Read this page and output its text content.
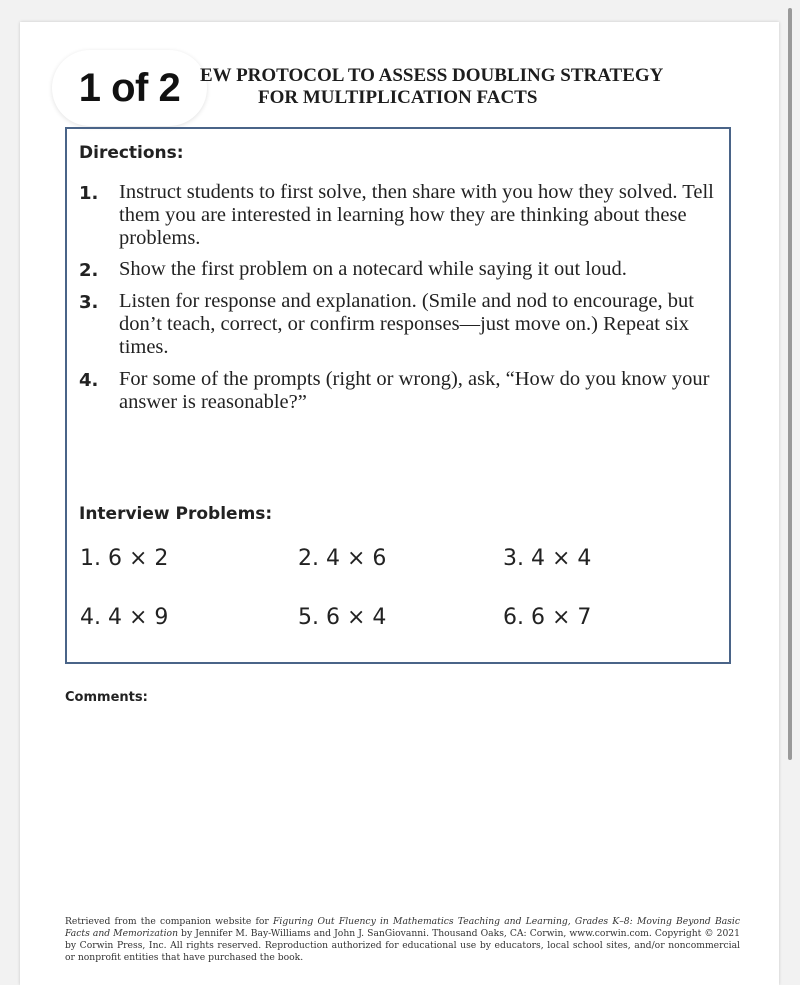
1 of 2	EW PROTOCOL TO ASSESS DOUBLING STRATEGY
FOR MULTIPLICATION FACTS
Directions:
1.	Instruct students to first solve, then share with you how they solved. Tell them you are interested in learning how they are thinking about these problems.
2.	Show the first problem on a notecard while saying it out loud.
3.	Listen for response and explanation. (Smile and nod to encourage, but don’t teach, correct, or confirm responses—just move on.) Repeat six times.
4.	For some of the prompts (right or wrong), ask, “How do you know your answer is reasonable?”
Interview Problems:
1. 6 × 2	2. 4 × 6	3. 4 × 4
4. 4 × 9	5. 6 × 4	6. 6 × 7
Comments:
Retrieved from the companion website for Figuring Out Fluency in Mathematics Teaching and Learning, Grades K–8: Moving Beyond Basic Facts and Memorization by Jennifer M. Bay-Williams and John J. SanGiovanni. Thousand Oaks, CA: Corwin, www.corwin.com. Copyright © 2021 by Corwin Press, Inc. All rights reserved. Reproduction authorized for educational use by educators, local school sites, and/or noncommercial or nonprofit entities that have purchased the book.
